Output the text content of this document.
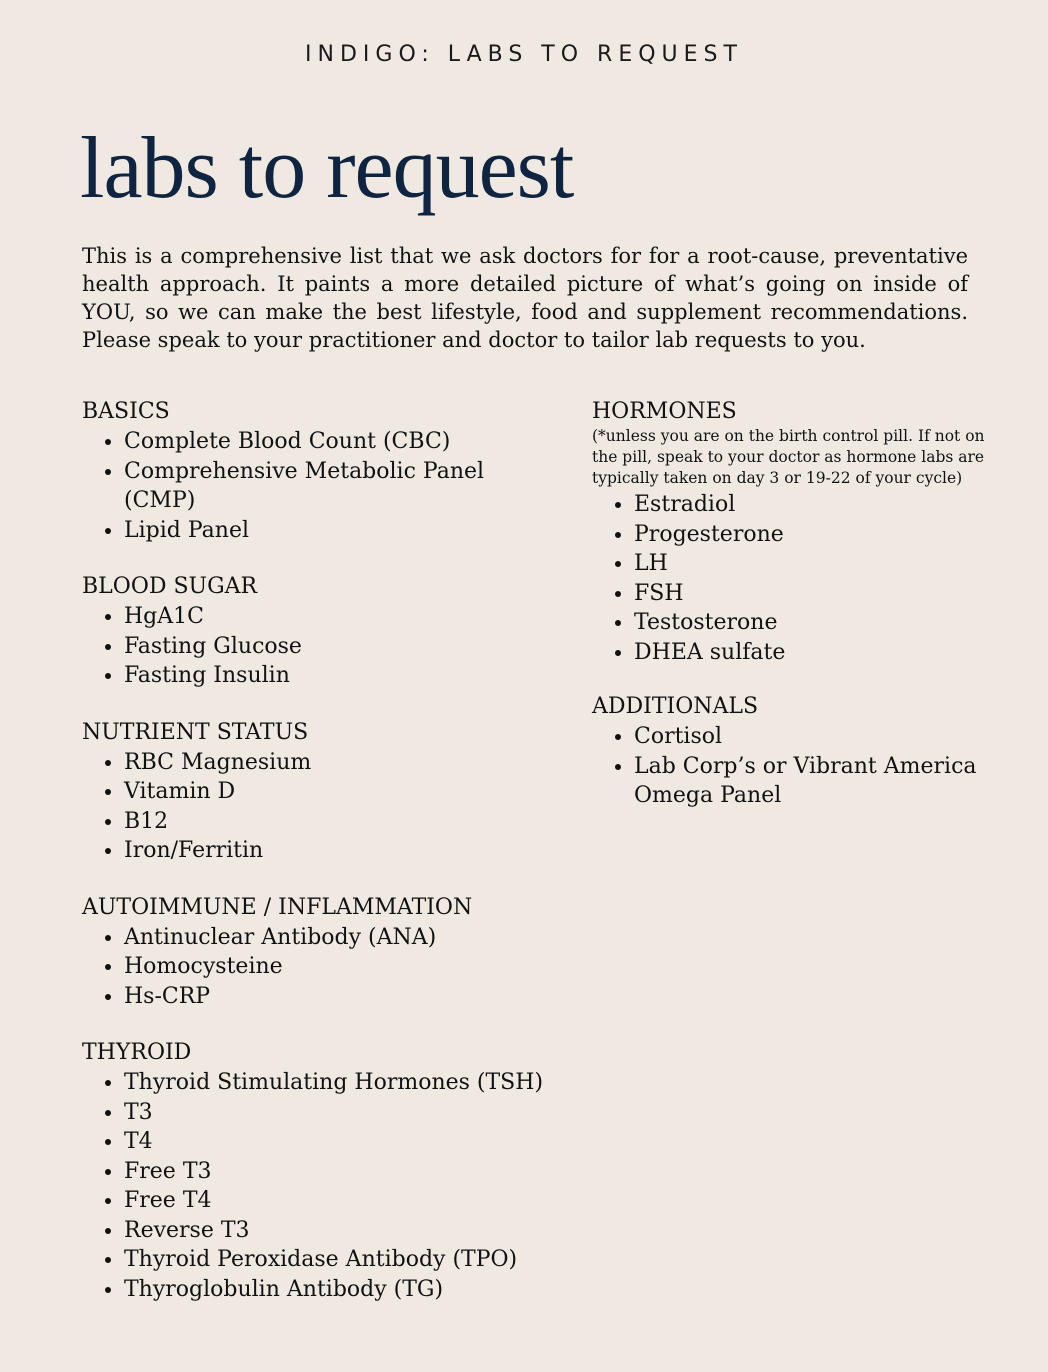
INDIGO: LABS TO REQUEST
labs to request
This is a comprehensive list that we ask doctors for for a root-cause, preventative health approach. It paints a more detailed picture of what’s going on inside of YOU, so we can make the best lifestyle, food and supplement recommendations. Please speak to your practitioner and doctor to tailor lab requests to you.
BASICS
• Complete Blood Count (CBC)
• Comprehensive Metabolic Panel (CMP)
• Lipid Panel
BLOOD SUGAR
• HgA1C
• Fasting Glucose
• Fasting Insulin
NUTRIENT STATUS
• RBC Magnesium
• Vitamin D
• B12
• Iron/Ferritin
AUTOIMMUNE / INFLAMMATION
• Antinuclear Antibody (ANA)
• Homocysteine
• Hs-CRP
THYROID
• Thyroid Stimulating Hormones (TSH)
• T3
• T4
• Free T3
• Free T4
• Reverse T3
• Thyroid Peroxidase Antibody (TPO)
• Thyroglobulin Antibody (TG)
HORMONES
(*unless you are on the birth control pill. If not on the pill, speak to your doctor as hormone labs are typically taken on day 3 or 19-22 of your cycle)
• Estradiol
• Progesterone
• LH
• FSH
• Testosterone
• DHEA sulfate
ADDITIONALS
• Cortisol
• Lab Corp’s or Vibrant America Omega Panel
